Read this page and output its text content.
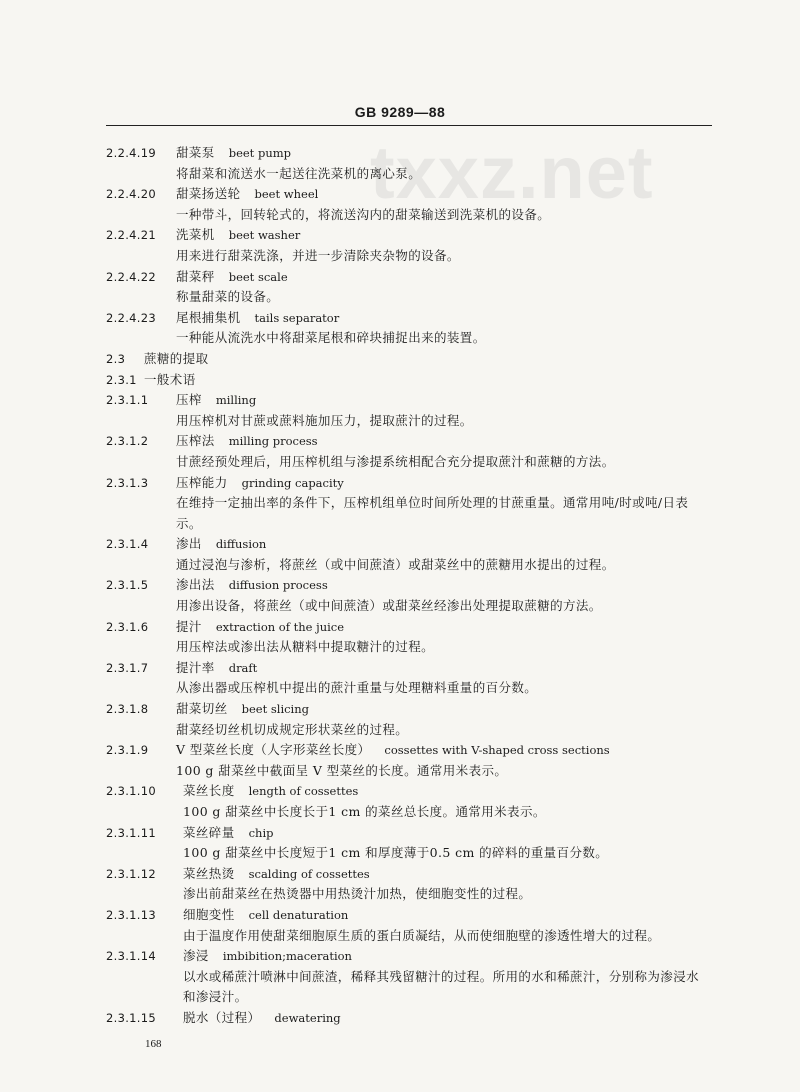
GB 9289—88
txxz.net
2.2.4.19 甜菜泵 beet pump
将甜菜和流送水一起送往洗菜机的离心泵。
2.2.4.20 甜菜扬送轮 beet wheel
一种带斗，回转轮式的，将流送沟内的甜菜输送到洗菜机的设备。
2.2.4.21 洗菜机 beet washer
用来进行甜菜洗涤，并进一步清除夹杂物的设备。
2.2.4.22 甜菜秤 beet scale
称量甜菜的设备。
2.2.4.23 尾根捕集机 tails separator
一种能从流洗水中将甜菜尾根和碎块捕捉出来的装置。
2.3 蔗糖的提取
2.3.1 一般术语
2.3.1.1 压榨 milling
用压榨机对甘蔗或蔗料施加压力，提取蔗汁的过程。
2.3.1.2 压榨法 milling process
甘蔗经预处理后，用压榨机组与渗提系统相配合充分提取蔗汁和蔗糖的方法。
2.3.1.3 压榨能力 grinding capacity
在维持一定抽出率的条件下，压榨机组单位时间所处理的甘蔗重量。通常用吨/时或吨/日表
示。
2.3.1.4 渗出 diffusion
通过浸泡与渗析，将蔗丝（或中间蔗渣）或甜菜丝中的蔗糖用水提出的过程。
2.3.1.5 渗出法 diffusion process
用渗出设备，将蔗丝（或中间蔗渣）或甜菜丝经渗出处理提取蔗糖的方法。
2.3.1.6 提汁 extraction of the juice
用压榨法或渗出法从糖料中提取糖汁的过程。
2.3.1.7 提汁率 draft
从渗出器或压榨机中提出的蔗汁重量与处理糖料重量的百分数。
2.3.1.8 甜菜切丝 beet slicing
甜菜经切丝机切成规定形状菜丝的过程。
2.3.1.9 V 型菜丝长度（人字形菜丝长度） cossettes with V-shaped cross sections
100 g 甜菜丝中截面呈 V 型菜丝的长度。通常用米表示。
2.3.1.10 菜丝长度 length of cossettes
100 g 甜菜丝中长度长于1 cm 的菜丝总长度。通常用米表示。
2.3.1.11 菜丝碎量 chip
100 g 甜菜丝中长度短于1 cm 和厚度薄于0.5 cm 的碎料的重量百分数。
2.3.1.12 菜丝热烫 scalding of cossettes
渗出前甜菜丝在热烫器中用热烫汁加热，使细胞变性的过程。
2.3.1.13 细胞变性 cell denaturation
由于温度作用使甜菜细胞原生质的蛋白质凝结，从而使细胞壁的渗透性增大的过程。
2.3.1.14 渗浸 imbibition;maceration
以水或稀蔗汁喷淋中间蔗渣，稀释其残留糖汁的过程。所用的水和稀蔗汁，分别称为渗浸水
和渗浸汁。
2.3.1.15 脱水（过程） dewatering
168
